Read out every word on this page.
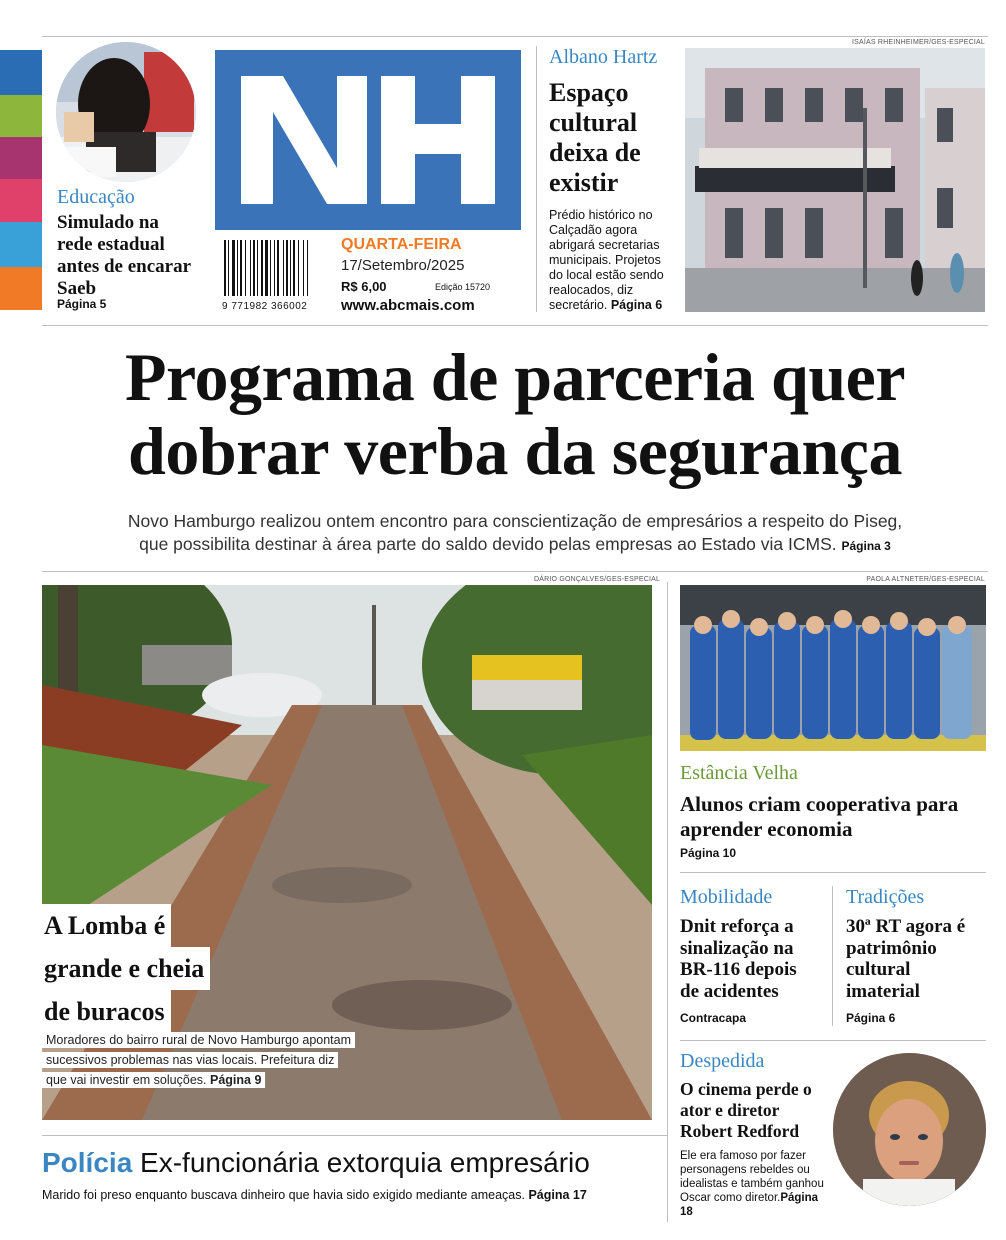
Educação
Simulado na rede estadual antes de encarar Saeb
Página 5	9 771982 366002
QUARTA-FEIRA
17/Setembro/2025
R$ 6,00	Edição 15720
www.abcmais.com
Albano Hartz
Espaço cultural deixa de existir
Prédio histórico no Calçadão agora abrigará secretarias municipais. Projetos do local estão sendo realocados, diz secretário. Página 6
ISAÍAS RHEINHEIMER/GES-ESPECIAL
Programa de parceria quer
dobrar verba da segurança
Novo Hamburgo realizou ontem encontro para conscientização de empresários a respeito do Piseg,
que possibilita destinar à área parte do saldo devido pelas empresas ao Estado via ICMS. Página 3
DÁRIO GONÇALVES/GES-ESPECIAL
A Lomba é
grande e cheia
de buracos
Moradores do bairro rural de Novo Hamburgo apontam
sucessivos problemas nas vias locais. Prefeitura diz
que vai investir em soluções. Página 9
Polícia Ex-funcionária extorquia empresário
Marido foi preso enquanto buscava dinheiro que havia sido exigido mediante ameaças. Página 17
PAOLA ALTNETER/GES-ESPECIAL
Estância Velha
Alunos criam cooperativa para aprender economia
Página 10
Mobilidade
Dnit reforça a sinalização na BR-116 depois de acidentes
Contracapa
Tradições
30ª RT agora é patrimônio cultural imaterial
Página 6
Despedida
O cinema perde o ator e diretor Robert Redford
Ele era famoso por fazer personagens rebeldes ou idealistas e também ganhou Oscar como diretor.Página 18
